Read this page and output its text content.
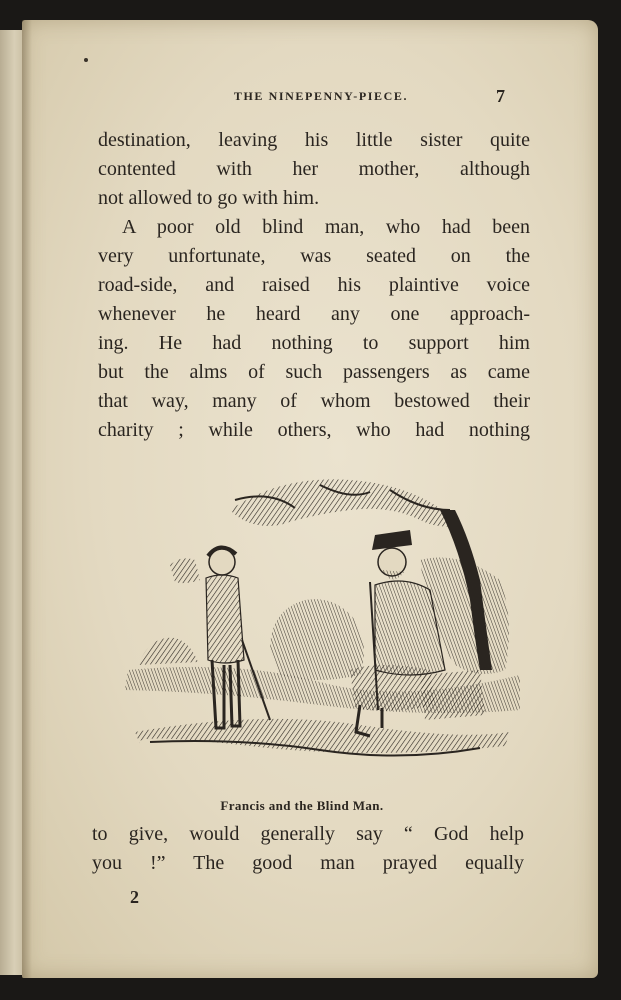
THE NINEPENNY-PIECE.	7
destination, leaving his little sister quite
contented with her mother, although
not allowed to go with him.
A poor old blind man, who had been
very unfortunate, was seated on the
road-side, and raised his plaintive voice
whenever he heard any one approach-
ing. He had nothing to support him
but the alms of such passengers as came
that way, many of whom bestowed their
charity ; while others, who had nothing
Francis and the Blind Man.
to give, would generally say “ God help
you !” The good man prayed equally
2
